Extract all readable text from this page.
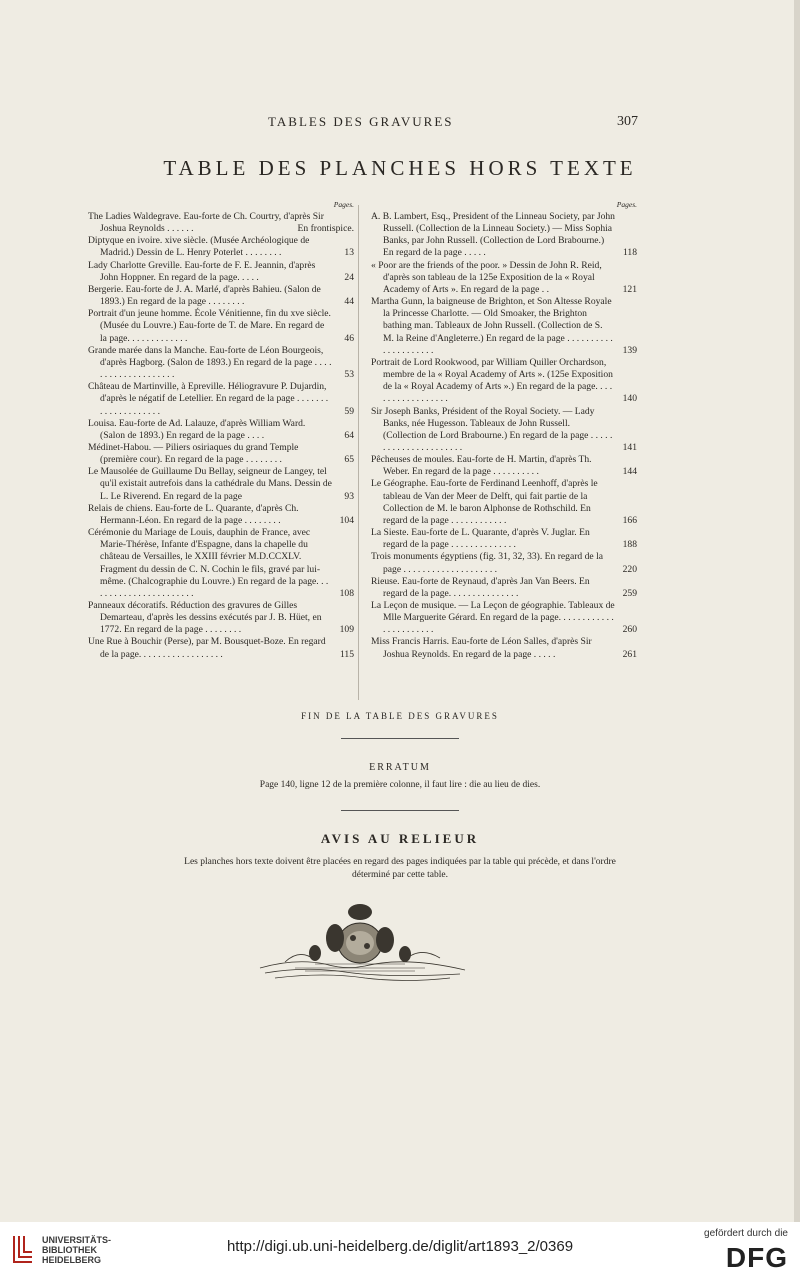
TABLES DES GRAVURES	307
TABLE DES PLANCHES HORS TEXTE
Pages.
The Ladies Waldegrave. Eau-forte de Ch. Courtry, d'après Sir Joshua Reynolds . . . . . .	En frontispice.
Diptyque en ivoire. xive siècle. (Musée Archéologique de Madrid.) Dessin de L. Henry Poterlet . . . . . . . .	13
Lady Charlotte Greville. Eau-forte de F. E. Jeannin, d'après John Hoppner. En regard de la page. . . . .	24
Bergerie. Eau-forte de J. A. Marlé, d'après Bahieu. (Salon de 1893.) En regard de la page . . . . . . . .	44
Portrait d'un jeune homme. École Vénitienne, fin du xve siècle. (Musée du Louvre.) Eau-forte de T. de Mare. En regard de la page. . . . . . . . . . . . .	46
Grande marée dans la Manche. Eau-forte de Léon Bourgeois, d'après Hagborg. (Salon de 1893.) En regard de la page . . . . . . . . . . . . . . . . . . . .	53
Château de Martinville, à Epreville. Héliogravure P. Dujardin, d'après le négatif de Letellier. En regard de la page . . . . . . . . . . . . . . . . . . . .	59
Louisa. Eau-forte de Ad. Lalauze, d'après William Ward. (Salon de 1893.) En regard de la page . . . .	64
Médinet-Habou. — Piliers osiriaques du grand Temple (première cour). En regard de la page . . . . . . . .	65
Le Mausolée de Guillaume Du Bellay, seigneur de Langey, tel qu'il existait autrefois dans la cathédrale du Mans. Dessin de L. Le Riverend. En regard de la page	93
Relais de chiens. Eau-forte de L. Quarante, d'après Ch. Hermann-Léon. En regard de la page . . . . . . . .	104
Cérémonie du Mariage de Louis, dauphin de France, avec Marie-Thérèse, Infante d'Espagne, dans la chapelle du château de Versailles, le XXIII février M.D.CCXLV. Fragment du dessin de C. N. Cochin le fils, gravé par lui-même. (Chalcographie du Louvre.) En regard de la page. . . . . . . . . . . . . . . . . . . . . . .	108
Panneaux décoratifs. Réduction des gravures de Gilles Demarteau, d'après les dessins exécutés par J. B. Hüet, en 1772. En regard de la page . . . . . . . .	109
Une Rue à Bouchir (Perse), par M. Bousquet-Boze. En regard de la page. . . . . . . . . . . . . . . . . .	115
Pages.
A. B. Lambert, Esq., President of the Linneau Society, par John Russell. (Collection de la Linneau Society.) — Miss Sophia Banks, par John Russell. (Collection de Lord Brabourne.) En regard de la page . . . . .	118
« Poor are the friends of the poor. » Dessin de John R. Reid, d'après son tableau de la 125e Exposition de la « Royal Academy of Arts ». En regard de la page . .	121
Martha Gunn, la baigneuse de Brighton, et Son Altesse Royale la Princesse Charlotte. — Old Smoaker, the Brighton bathing man. Tableaux de John Russell. (Collection de S. M. la Reine d'Angleterre.) En regard de la page . . . . . . . . . . . . . . . . . . . . .	139
Portrait de Lord Rookwood, par William Quiller Orchardson, membre de la « Royal Academy of Arts ». (125e Exposition de la « Royal Academy of Arts ».) En regard de la page. . . . . . . . . . . . . . . . . .	140
Sir Joseph Banks, Président of the Royal Society. — Lady Banks, née Hugesson. Tableaux de John Russell. (Collection de Lord Brabourne.) En regard de la page . . . . . . . . . . . . . . . . . . . . . .	141
Pêcheuses de moules. Eau-forte de H. Martin, d'après Th. Weber. En regard de la page . . . . . . . . . .	144
Le Géographe. Eau-forte de Ferdinand Leenhoff, d'après le tableau de Van der Meer de Delft, qui fait partie de la Collection de M. le baron Alphonse de Rothschild. En regard de la page . . . . . . . . . . . .	166
La Sieste. Eau-forte de L. Quarante, d'après V. Juglar. En regard de la page . . . . . . . . . . . . . .	188
Trois monuments égyptiens (fig. 31, 32, 33). En regard de la page . . . . . . . . . . . . . . . . . . . .	220
Rieuse. Eau-forte de Reynaud, d'après Jan Van Beers. En regard de la page. . . . . . . . . . . . . . .	259
La Leçon de musique. — La Leçon de géographie. Tableaux de Mlle Marguerite Gérard. En regard de la page. . . . . . . . . . . . . . . . . . . . . . .	260
Miss Francis Harris. Eau-forte de Léon Salles, d'après Sir Joshua Reynolds. En regard de la page . . . . .	261
FIN DE LA TABLE DES GRAVURES
ERRATUM
Page 140, ligne 12 de la première colonne, il faut lire : die au lieu de dies.
AVIS AU RELIEUR
Les planches hors texte doivent être placées en regard des pages indiquées par la table qui précède, et dans l'ordre déterminé par cette table.
UNIVERSITÄTS-
BIBLIOTHEK
HEIDELBERG
http://digi.ub.uni-heidelberg.de/diglit/art1893_2/0369
gefördert durch die
DFG
